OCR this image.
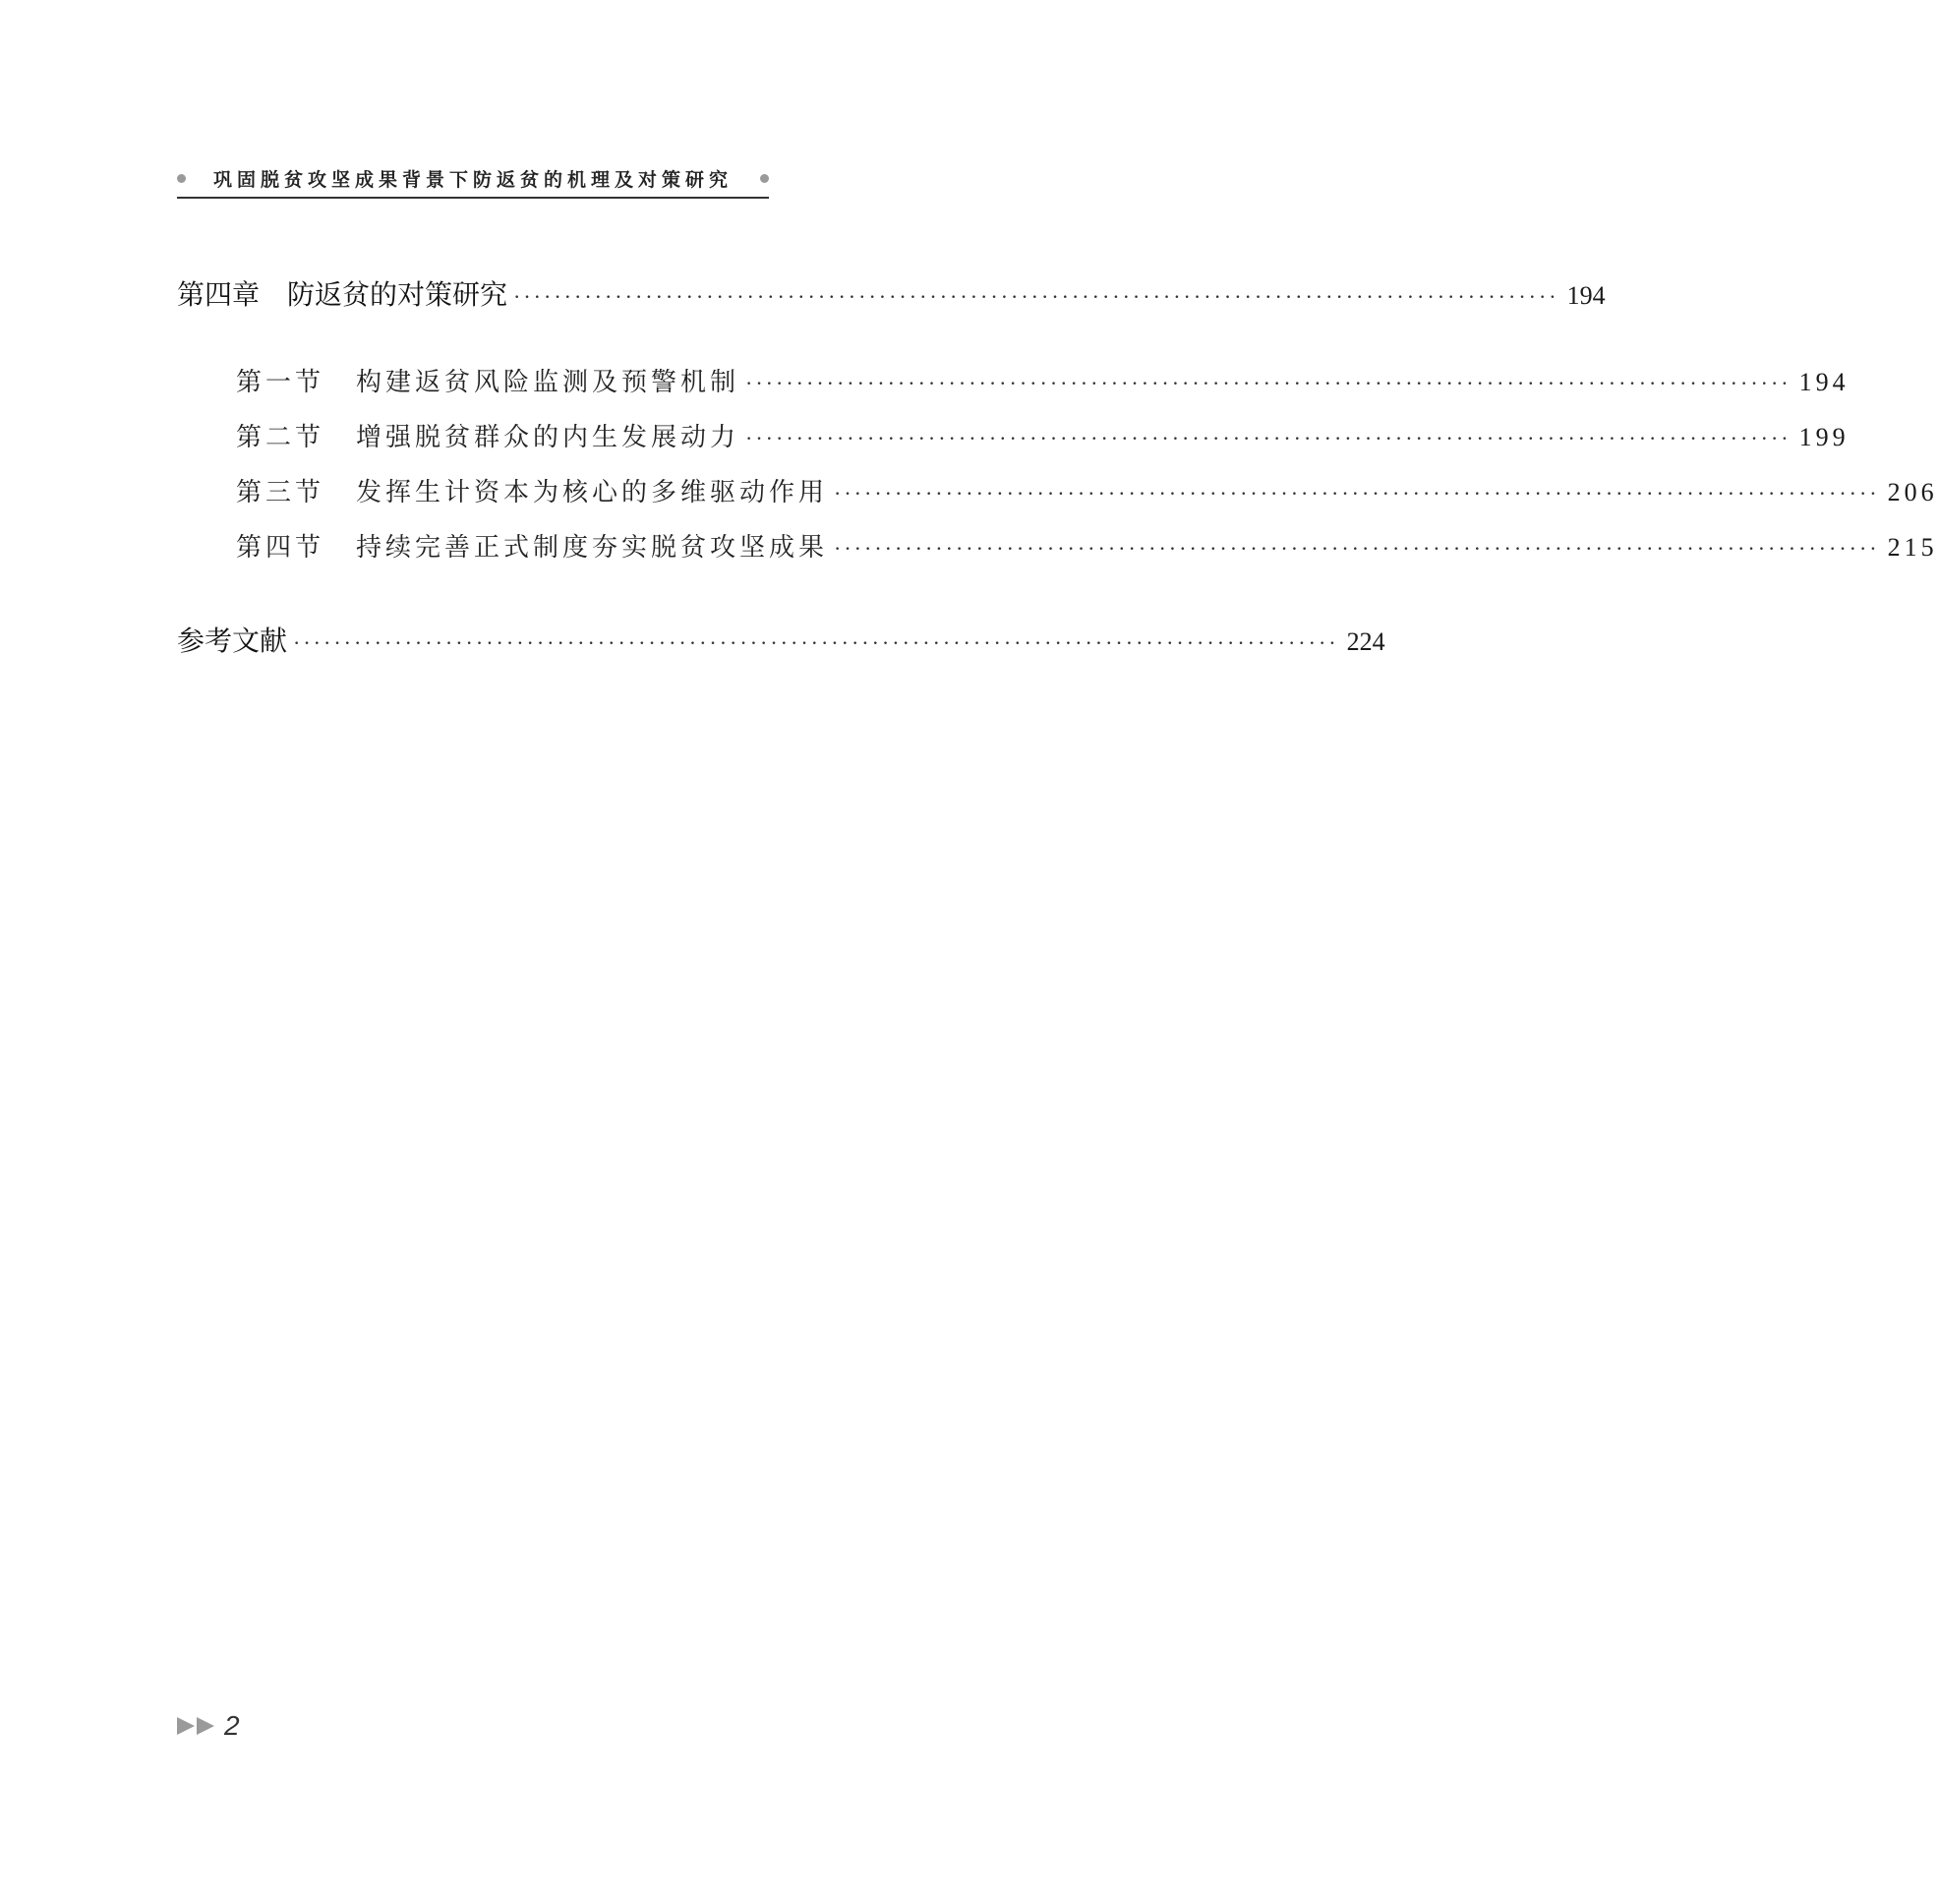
巩固脱贫攻坚成果背景下防返贫的机理及对策研究
第四章 防返贫的对策研究 ······································································································· 194
第一节 构建返贫风险监测及预警机制 ······································································································· 194
第二节 增强脱贫群众的内生发展动力 ······································································································· 199
第三节 发挥生计资本为核心的多维驱动作用 ······································································································· 206
第四节 持续完善正式制度夯实脱贫攻坚成果 ······································································································· 215
参考文献 ······································································································· 224
2
